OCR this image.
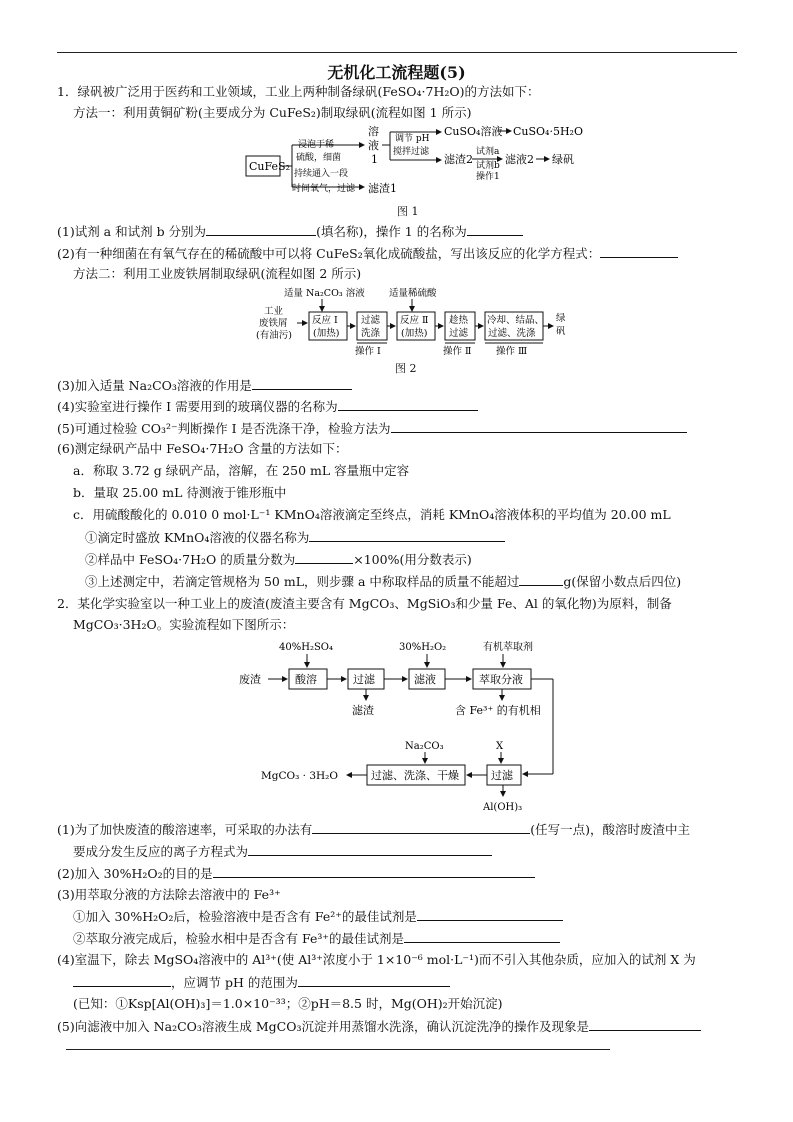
无机化工流程题(5)
1．绿矾被广泛用于医药和工业领域，工业上两种制备绿矾(FeSO₄·7H₂O)的方法如下：
方法一：利用黄铜矿粉(主要成分为 CuFeS₂)制取绿矾(流程如图 1 所示)
CuFeS₂
浸泡于稀
硫酸，细菌
持续通入一段
时间氧气，过滤
溶
液
1
滤渣1
调节 pH
搅拌过滤
CuSO₄溶液 CuSO₄·5H₂O
滤渣2
试剂a
试剂b
操作1
滤液2 绿矾
图 1
(1)试剂 a 和试剂 b 分别为	(填名称)，操作 1 的名称为
(2)有一种细菌在有氧气存在的稀硫酸中可以将 CuFeS₂氧化成硫酸盐，写出该反应的化学方程式：
方法二：利用工业废铁屑制取绿矾(流程如图 2 所示)
适量 Na₂CO₃ 溶液	适量稀硫酸
工业
废铁屑
(有油污)
反应 Ⅰ
(加热)
过滤
洗涤
反应 Ⅱ
(加热)
趁热
过滤
冷却、结晶、
过滤、洗涤
绿
矾
操作 Ⅰ	操作 Ⅱ	操作 Ⅲ
图 2
(3)加入适量 Na₂CO₃溶液的作用是
(4)实验室进行操作 Ⅰ 需要用到的玻璃仪器的名称为
(5)可通过检验 CO₃²⁻判断操作 Ⅰ 是否洗涤干净，检验方法为
(6)测定绿矾产品中 FeSO₄·7H₂O 含量的方法如下：
a．称取 3.72 g 绿矾产品，溶解，在 250 mL 容量瓶中定容
b．量取 25.00 mL 待测液于锥形瓶中
c．用硫酸酸化的 0.010 0 mol·L⁻¹ KMnO₄溶液滴定至终点，消耗 KMnO₄溶液体积的平均值为 20.00 mL
①滴定时盛放 KMnO₄溶液的仪器名称为
②样品中 FeSO₄·7H₂O 的质量分数为	×100%(用分数表示)
③上述测定中，若滴定管规格为 50 mL，则步骤 a 中称取样品的质量不能超过	g(保留小数点后四位)
2．某化学实验室以一种工业上的废渣(废渣主要含有 MgCO₃、MgSiO₃和少量 Fe、Al 的氧化物)为原料，制备
MgCO₃·3H₂O。实验流程如下图所示：
40%H₂SO₄	30%H₂O₂	有机萃取剂
废渣	酸溶	过滤	滤液	萃取分液
滤渣	含 Fe³⁺ 的有机相
Na₂CO₃	X
过滤
过滤、洗涤、干燥
MgCO₃ · 3H₂O
Al(OH)₃
(1)为了加快废渣的酸溶速率，可采取的办法有	(任写一点)，酸溶时废渣中主
要成分发生反应的离子方程式为
(2)加入 30%H₂O₂的目的是
(3)用萃取分液的方法除去溶液中的 Fe³⁺
①加入 30%H₂O₂后，检验溶液中是否含有 Fe²⁺的最佳试剂是
②萃取分液完成后，检验水相中是否含有 Fe³⁺的最佳试剂是
(4)室温下，除去 MgSO₄溶液中的 Al³⁺(使 Al³⁺浓度小于 1×10⁻⁶ mol·L⁻¹)而不引入其他杂质，应加入的试剂 X 为
，应调节 pH 的范围为
(已知：①Ksp[Al(OH)₃]＝1.0×10⁻³³；②pH＝8.5 时，Mg(OH)₂开始沉淀)
(5)向滤液中加入 Na₂CO₃溶液生成 MgCO₃沉淀并用蒸馏水洗涤，确认沉淀洗净的操作及现象是
